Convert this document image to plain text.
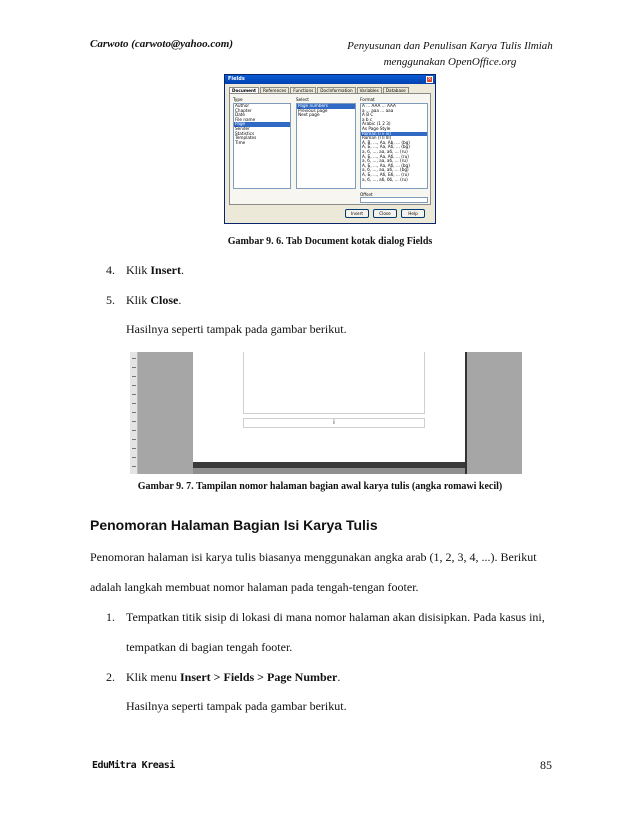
Carwoto (carwoto@yahoo.com)	Penyusunan dan Penulisan Karya Tulis Ilmiah
menggunakan OpenOffice.org
Fields	×
Document	References	Functions	DocInformation	Variables	Database
Type
Author
Chapter
Date
File name
Page
Sender
Statistics
Templates
Time
Select
Page numbers
Previous page
Next page
Format
A ... AAA ... AAA
a ... aaa ... aaa
A B C
a b c
Arabic (1 2 3)
As Page Style
Roman (i ii iii)
Roman (I II III)
A, B, ..., Aa, Ab, ... (bg)
A, Б, ..., Аа, Аб, ... (bg)
a, б, ..., aa, aб, ... (ru)
A, Б, ..., Aa, Aб, ... (ru)
a, б, ..., aa, aб, ... (ru)
A, Б, ..., Aa, Aб, ... (bg)
a, б, ..., aa, aб, ... (bg)
A, Б, ..., Аб, Бб, ... (ru)
a, б, ..., aб, бб, ... (ru)
Offset
Insert	Close	Help
Gambar 9. 6. Tab Document kotak dialog Fields
4. Klik Insert.
5. Klik Close.
Hasilnya seperti tampak pada gambar berikut.
i
Gambar 9. 7. Tampilan nomor halaman bagian awal karya tulis (angka romawi kecil)
Penomoran Halaman Bagian Isi Karya Tulis
Penomoran halaman isi karya tulis biasanya menggunakan angka arab (1, 2, 3, 4, ...). Berikut
adalah langkah membuat nomor halaman pada tengah-tengan footer.
1. Tempatkan titik sisip di lokasi di mana nomor halaman akan disisipkan. Pada kasus ini,
tempatkan di bagian tengah footer.
2. Klik menu Insert > Fields > Page Number.
Hasilnya seperti tampak pada gambar berikut.
EduMitra Kreasi	85
